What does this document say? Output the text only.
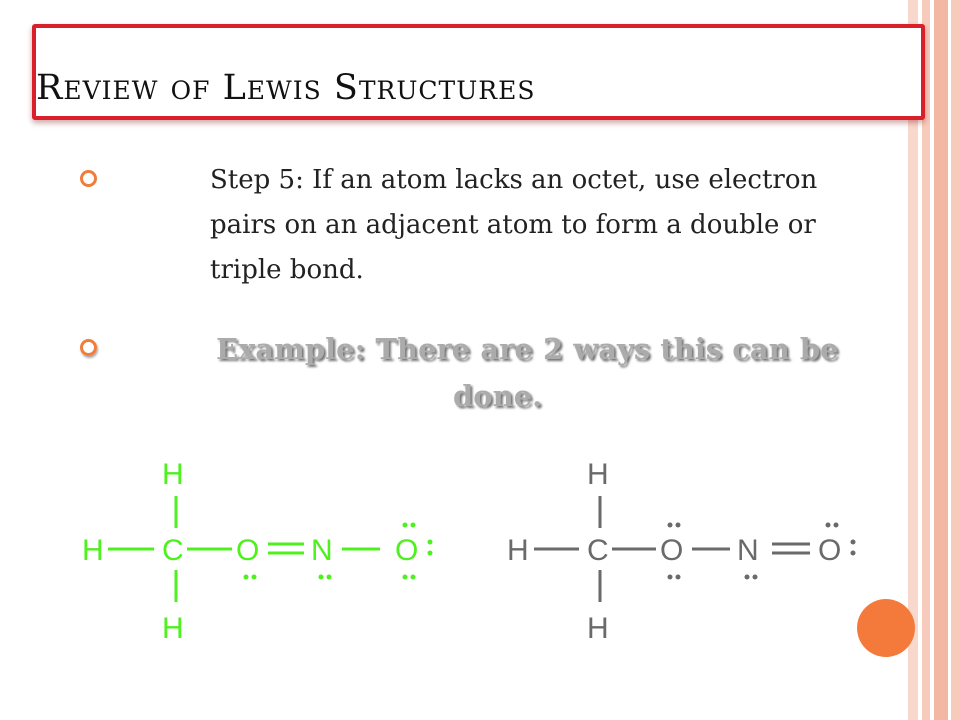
Review of Lewis Structures
Step 5: If an atom lacks an octet, use electron pairs on an adjacent atom to form a double or triple bond.
Example: There are 2 ways this can be
done.
H
H C O N O
H
H
H C O N O
H
